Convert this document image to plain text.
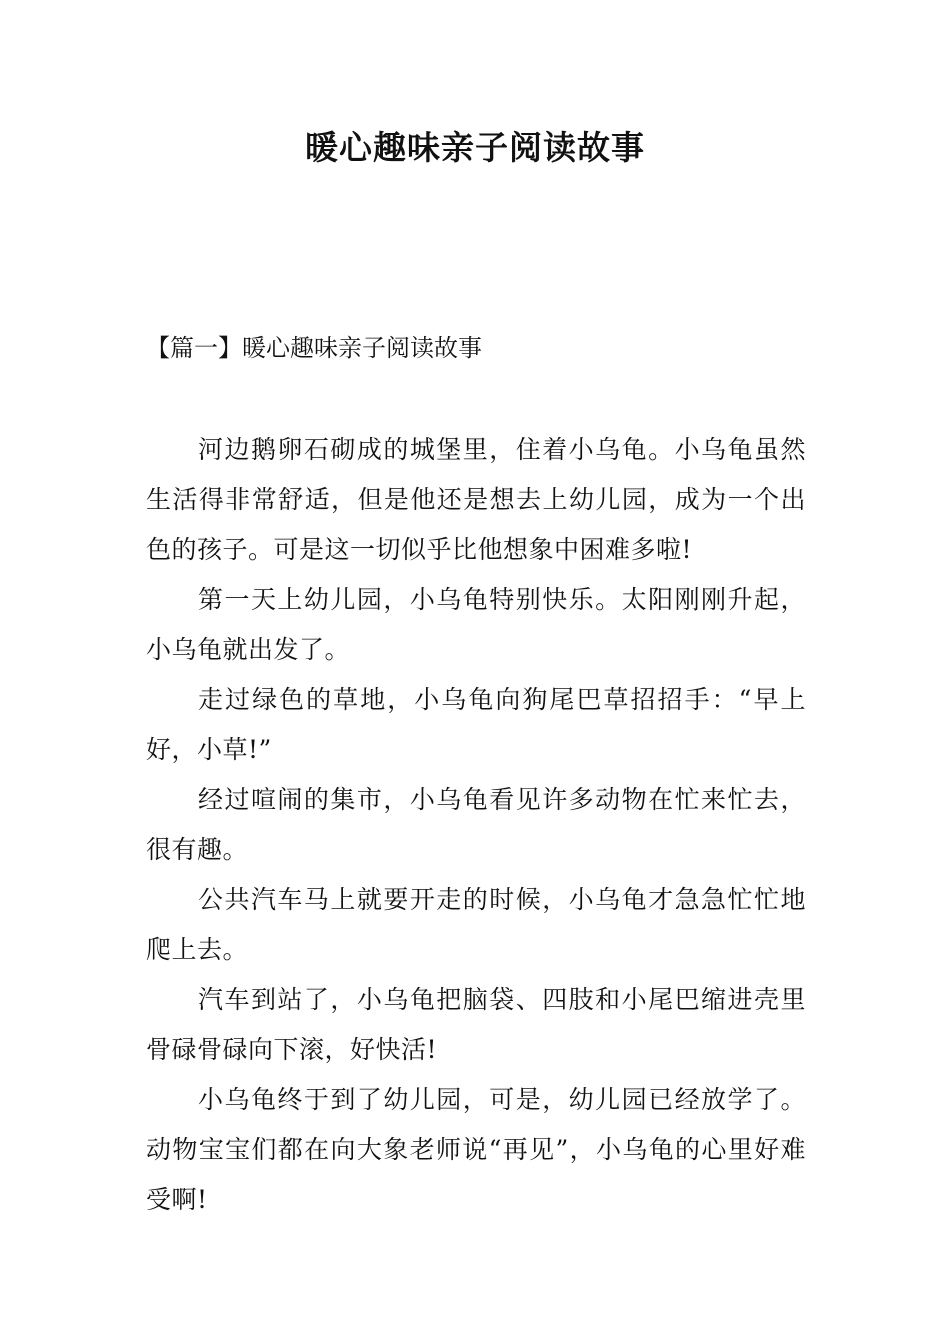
暖心趣味亲子阅读故事

【篇一】暖心趣味亲子阅读故事

河边鹅卵石砌成的城堡里，住着小乌龟。小乌龟虽然生活得非常舒适，但是他还是想去上幼儿园，成为一个出色的孩子。可是这一切似乎比他想象中困难多啦!

第一天上幼儿园，小乌龟特别快乐。太阳刚刚升起，小乌龟就出发了。

走过绿色的草地，小乌龟向狗尾巴草招招手：“早上好，小草!”

经过喧闹的集市，小乌龟看见许多动物在忙来忙去，很有趣。

公共汽车马上就要开走的时候，小乌龟才急急忙忙地爬上去。

汽车到站了，小乌龟把脑袋、四肢和小尾巴缩进壳里骨碌骨碌向下滚，好快活!

小乌龟终于到了幼儿园，可是，幼儿园已经放学了。动物宝宝们都在向大象老师说“再见”，小乌龟的心里好难受啊!
